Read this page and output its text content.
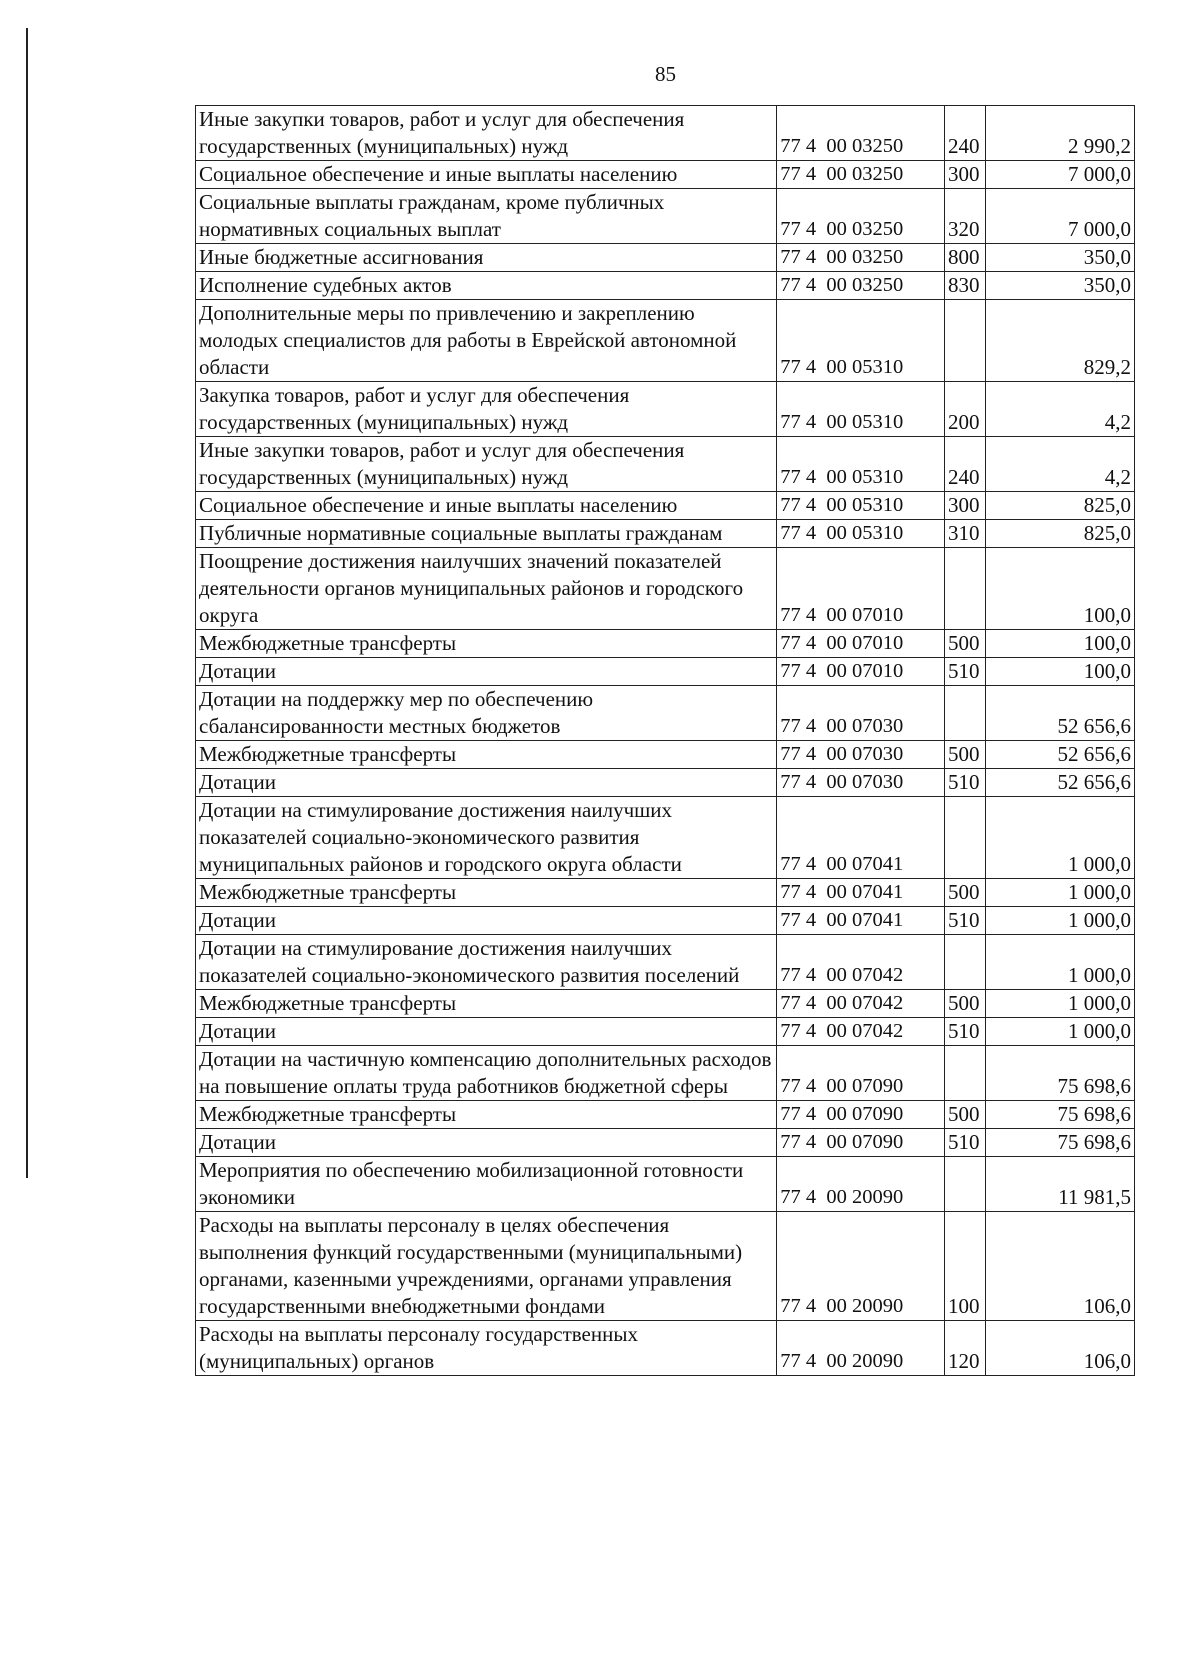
85
Иные закупки товаров, работ и услуг для обеспечения государственных (муниципальных) нужд	77 4  00 03250	240	2 990,2
Социальное обеспечение и иные выплаты населению	77 4  00 03250	300	7 000,0
Социальные выплаты гражданам, кроме публичных нормативных социальных выплат	77 4  00 03250	320	7 000,0
Иные бюджетные ассигнования	77 4  00 03250	800	350,0
Исполнение судебных актов	77 4  00 03250	830	350,0
Дополнительные меры по привлечению и закреплению молодых специалистов для работы в Еврейской автономной области	77 4  00 05310		829,2
Закупка товаров, работ и услуг для обеспечения государственных (муниципальных) нужд	77 4  00 05310	200	4,2
Иные закупки товаров, работ и услуг для обеспечения государственных (муниципальных) нужд	77 4  00 05310	240	4,2
Социальное обеспечение и иные выплаты населению	77 4  00 05310	300	825,0
Публичные нормативные социальные выплаты гражданам	77 4  00 05310	310	825,0
Поощрение достижения наилучших значений показателей деятельности органов муниципальных районов и городского округа	77 4  00 07010		100,0
Межбюджетные трансферты	77 4  00 07010	500	100,0
Дотации	77 4  00 07010	510	100,0
Дотации на поддержку мер по обеспечению сбалансированности местных бюджетов	77 4  00 07030		52 656,6
Межбюджетные трансферты	77 4  00 07030	500	52 656,6
Дотации	77 4  00 07030	510	52 656,6
Дотации на стимулирование достижения наилучших показателей социально-экономического развития муниципальных районов и городского округа области	77 4  00 07041		1 000,0
Межбюджетные трансферты	77 4  00 07041	500	1 000,0
Дотации	77 4  00 07041	510	1 000,0
Дотации на стимулирование достижения наилучших показателей социально-экономического развития поселений	77 4  00 07042		1 000,0
Межбюджетные трансферты	77 4  00 07042	500	1 000,0
Дотации	77 4  00 07042	510	1 000,0
Дотации на частичную компенсацию дополнительных расходов на повышение оплаты труда работников бюджетной сферы	77 4  00 07090		75 698,6
Межбюджетные трансферты	77 4  00 07090	500	75 698,6
Дотации	77 4  00 07090	510	75 698,6
Мероприятия по обеспечению мобилизационной готовности экономики	77 4  00 20090		11 981,5
Расходы на выплаты персоналу в целях обеспечения выполнения функций государственными (муниципальными) органами, казенными учреждениями, органами управления государственными внебюджетными фондами	77 4  00 20090	100	106,0
Расходы на выплаты персоналу государственных (муниципальных) органов	77 4  00 20090	120	106,0
